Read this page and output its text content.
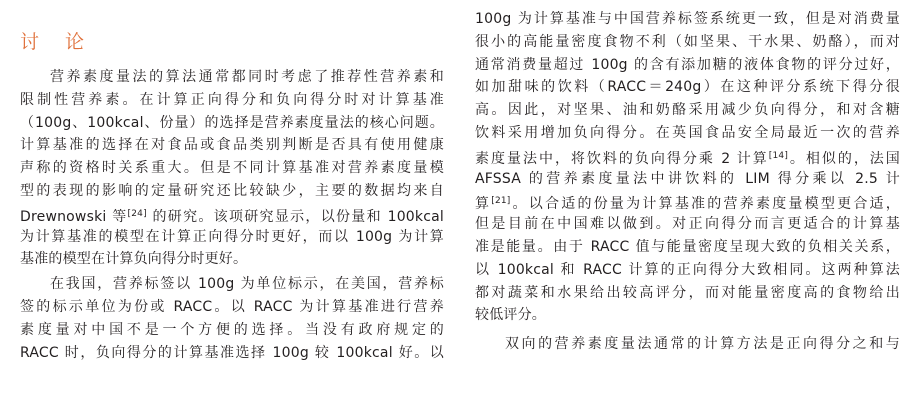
讨 论
营养素度量法的算法通常都同时考虑了推荐性营养素和
限制性营养素。在计算正向得分和负向得分时对计算基准
（100g、100kcal、份量）的选择是营养素度量法的核心问题。
计算基准的选择在对食品或食品类别判断是否具有使用健康
声称的资格时关系重大。但是不同计算基准对营养素度量模
型的表现的影响的定量研究还比较缺少，主要的数据均来自
Drewnowski 等[24] 的研究。该项研究显示，以份量和 100kcal
为计算基准的模型在计算正向得分时更好，而以 100g 为计算
基准的模型在计算负向得分时更好。
在我国，营养标签以 100g 为单位标示，在美国，营养标
签的标示单位为份或 RACC。以 RACC 为计算基准进行营养
素度量对中国不是一个方便的选择。当没有政府规定的
RACC 时，负向得分的计算基准选择 100g 较 100kcal 好。以
100g 为计算基准与中国营养标签系统更一致，但是对消费量
很小的高能量密度食物不利（如坚果、干水果、奶酪），而对
通常消费量超过 100g 的含有添加糖的液体食物的评分过好，
如加甜味的饮料（RACC＝240g）在这种评分系统下得分很
高。因此，对坚果、油和奶酪采用减少负向得分，和对含糖
饮料采用增加负向得分。在英国食品安全局最近一次的营养
素度量法中，将饮料的负向得分乘 2 计算[14]。相似的，法国
AFSSA 的营养素度量法中讲饮料的 LIM 得分乘以 2.5 计
算[21]。以合适的份量为计算基准的营养素度量模型更合适，
但是目前在中国难以做到。对正向得分而言更适合的计算基
准是能量。由于 RACC 值与能量密度呈现大致的负相关关系，
以 100kcal 和 RACC 计算的正向得分大致相同。这两种算法
都对蔬菜和水果给出较高评分，而对能量密度高的食物给出
较低评分。
双向的营养素度量法通常的计算方法是正向得分之和与
